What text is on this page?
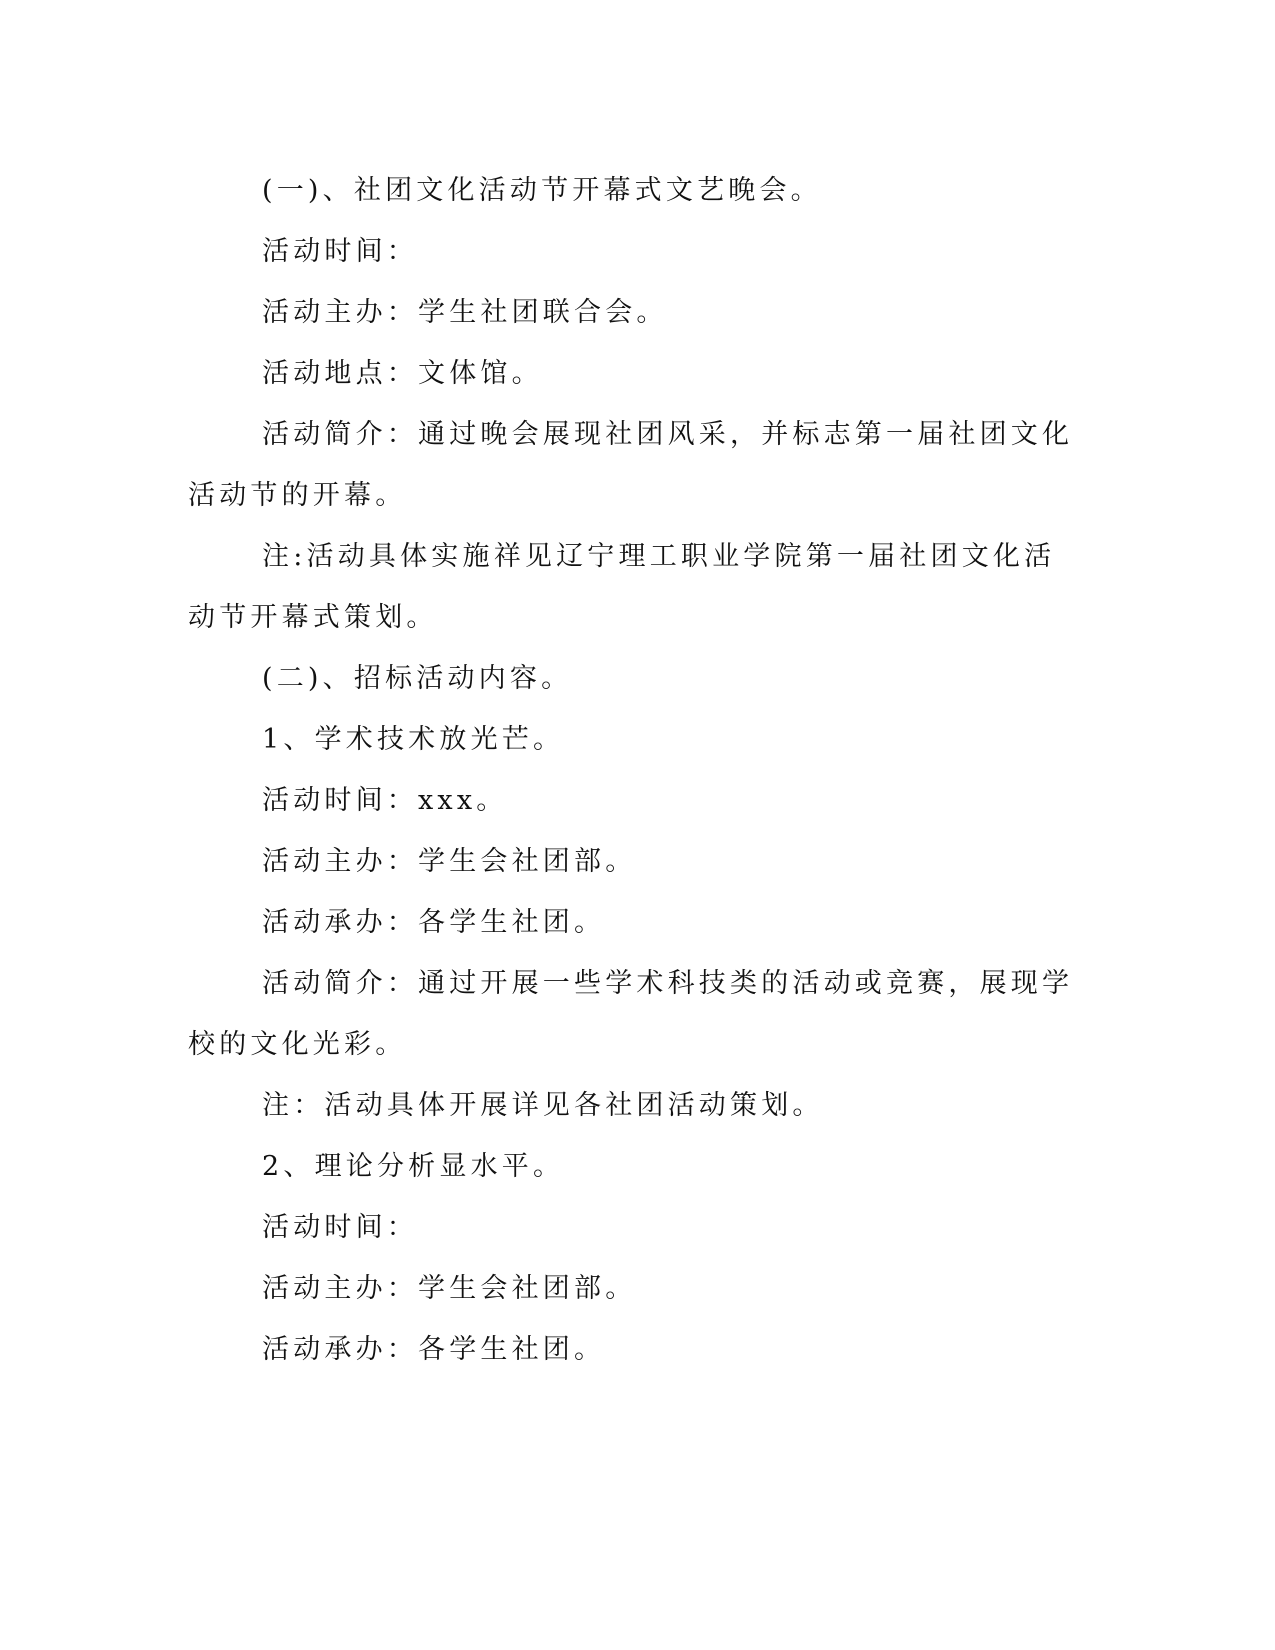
(一)、社团文化活动节开幕式文艺晚会。

活动时间：

活动主办：学生社团联合会。

活动地点：文体馆。

活动简介：通过晚会展现社团风采，并标志第一届社团文化活动节的开幕。

注:活动具体实施祥见辽宁理工职业学院第一届社团文化活动节开幕式策划。

(二)、招标活动内容。

1、学术技术放光芒。

活动时间：xxx。

活动主办：学生会社团部。

活动承办：各学生社团。

活动简介：通过开展一些学术科技类的活动或竞赛，展现学校的文化光彩。

注：活动具体开展详见各社团活动策划。

2、理论分析显水平。

活动时间：

活动主办：学生会社团部。

活动承办：各学生社团。
